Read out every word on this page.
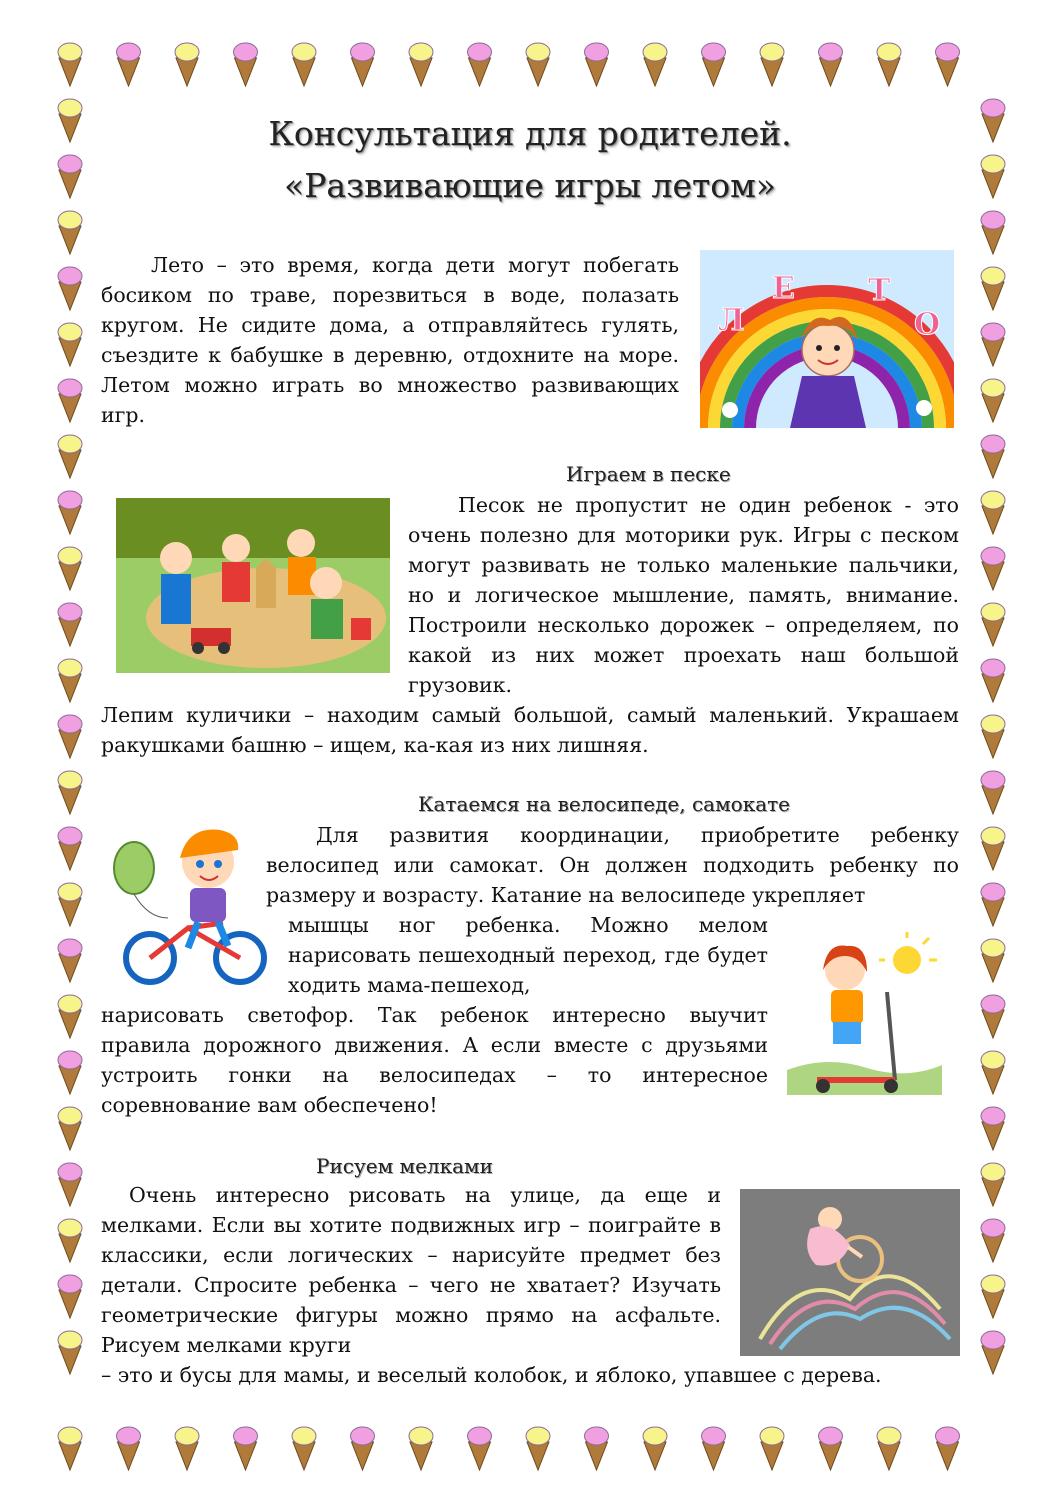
Консультация для родителей.
«Развивающие игры летом»
Лето – это время, когда дети могут побегать босиком по траве, порезвиться в воде, полазать кругом. Не сидите дома, а отправляйтесь гулять, съездите к бабушке в деревню, отдохните на море. Летом можно играть во множество развивающих игр.
Л
Е Т
О
Играем в песке
Песок не пропустит не один ребенок - это очень полезно для моторики рук. Игры с песком могут развивать не только маленькие пальчики, но и логическое мышление, память, внимание. Построили несколько дорожек – определяем, по какой из них может проехать наш большой грузовик.
Лепим куличики – находим самый большой, самый маленький. Украшаем ракушками башню – ищем, ка-кая из них лишняя.
Катаемся на велосипеде, самокате
Для развития координации, приобретите ребенку велосипед или самокат. Он должен подходить ребенку по размеру и возрасту. Катание на велосипеде укрепляет
мышцы ног ребенка. Можно мелом нарисовать пешеходный переход, где будет ходить мама-пешеход,
нарисовать светофор. Так ребенок интересно выучит правила дорожного движения. А если вместе с друзьями устроить гонки на велосипедах – то интересное соревнование вам обеспечено!
Рисуем мелками
Очень интересно рисовать на улице, да еще и мелками. Если вы хотите подвижных игр – поиграйте в классики, если логических – нарисуйте предмет без детали. Спросите ребенка – чего не хватает? Изучать геометрические фигуры можно прямо на асфальте. Рисуем мелками круги
– это и бусы для мамы, и веселый колобок, и яблоко, упавшее с дерева.
